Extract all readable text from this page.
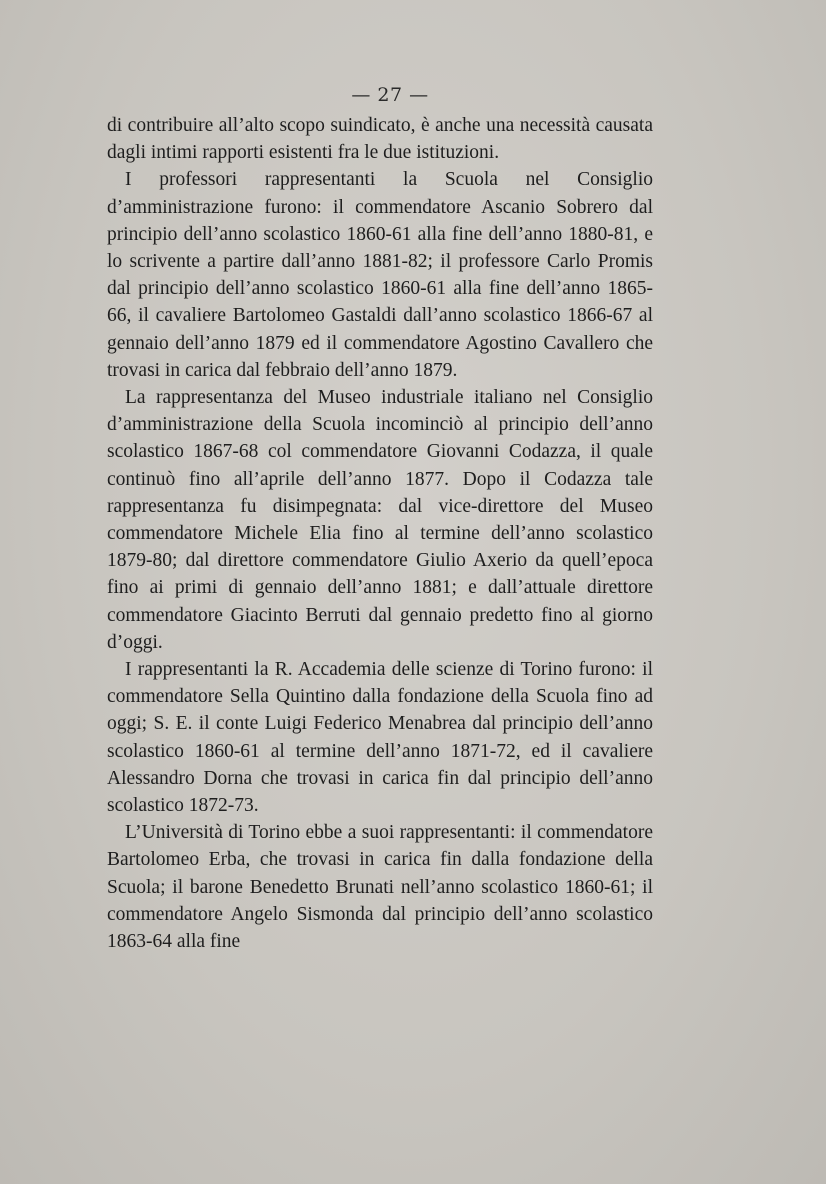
— 27 —

di contribuire all’alto scopo suindicato, è anche una necessità causata dagli intimi rapporti esistenti fra le due istituzioni.

I professori rappresentanti la Scuola nel Consiglio d’amministrazione furono: il commendatore Ascanio Sobrero dal principio dell’anno scolastico 1860-61 alla fine dell’anno 1880-81, e lo scrivente a partire dall’anno 1881-82; il professore Carlo Promis dal principio dell’anno scolastico 1860-61 alla fine dell’anno 1865-66, il cavaliere Bartolomeo Gastaldi dall’anno scolastico 1866-67 al gennaio dell’anno 1879 ed il commendatore Agostino Cavallero che trovasi in carica dal febbraio dell’anno 1879.

La rappresentanza del Museo industriale italiano nel Consiglio d’amministrazione della Scuola incominciò al principio dell’anno scolastico 1867-68 col commendatore Giovanni Codazza, il quale continuò fino all’aprile dell’anno 1877. Dopo il Codazza tale rappresentanza fu disimpegnata: dal vice-direttore del Museo commendatore Michele Elia fino al termine dell’anno scolastico 1879-80; dal direttore commendatore Giulio Axerio da quell’epoca fino ai primi di gennaio dell’anno 1881; e dall’attuale direttore commendatore Giacinto Berruti dal gennaio predetto fino al giorno d’oggi.

I rappresentanti la R. Accademia delle scienze di Torino furono: il commendatore Sella Quintino dalla fondazione della Scuola fino ad oggi; S. E. il conte Luigi Federico Menabrea dal principio dell’anno scolastico 1860-61 al termine dell’anno 1871-72, ed il cavaliere Alessandro Dorna che trovasi in carica fin dal principio dell’anno scolastico 1872-73.

L’Università di Torino ebbe a suoi rappresentanti: il commendatore Bartolomeo Erba, che trovasi in carica fin dalla fondazione della Scuola; il barone Benedetto Brunati nell’anno scolastico 1860-61; il commendatore Angelo Sismonda dal principio dell’anno scolastico 1863-64 alla fine
